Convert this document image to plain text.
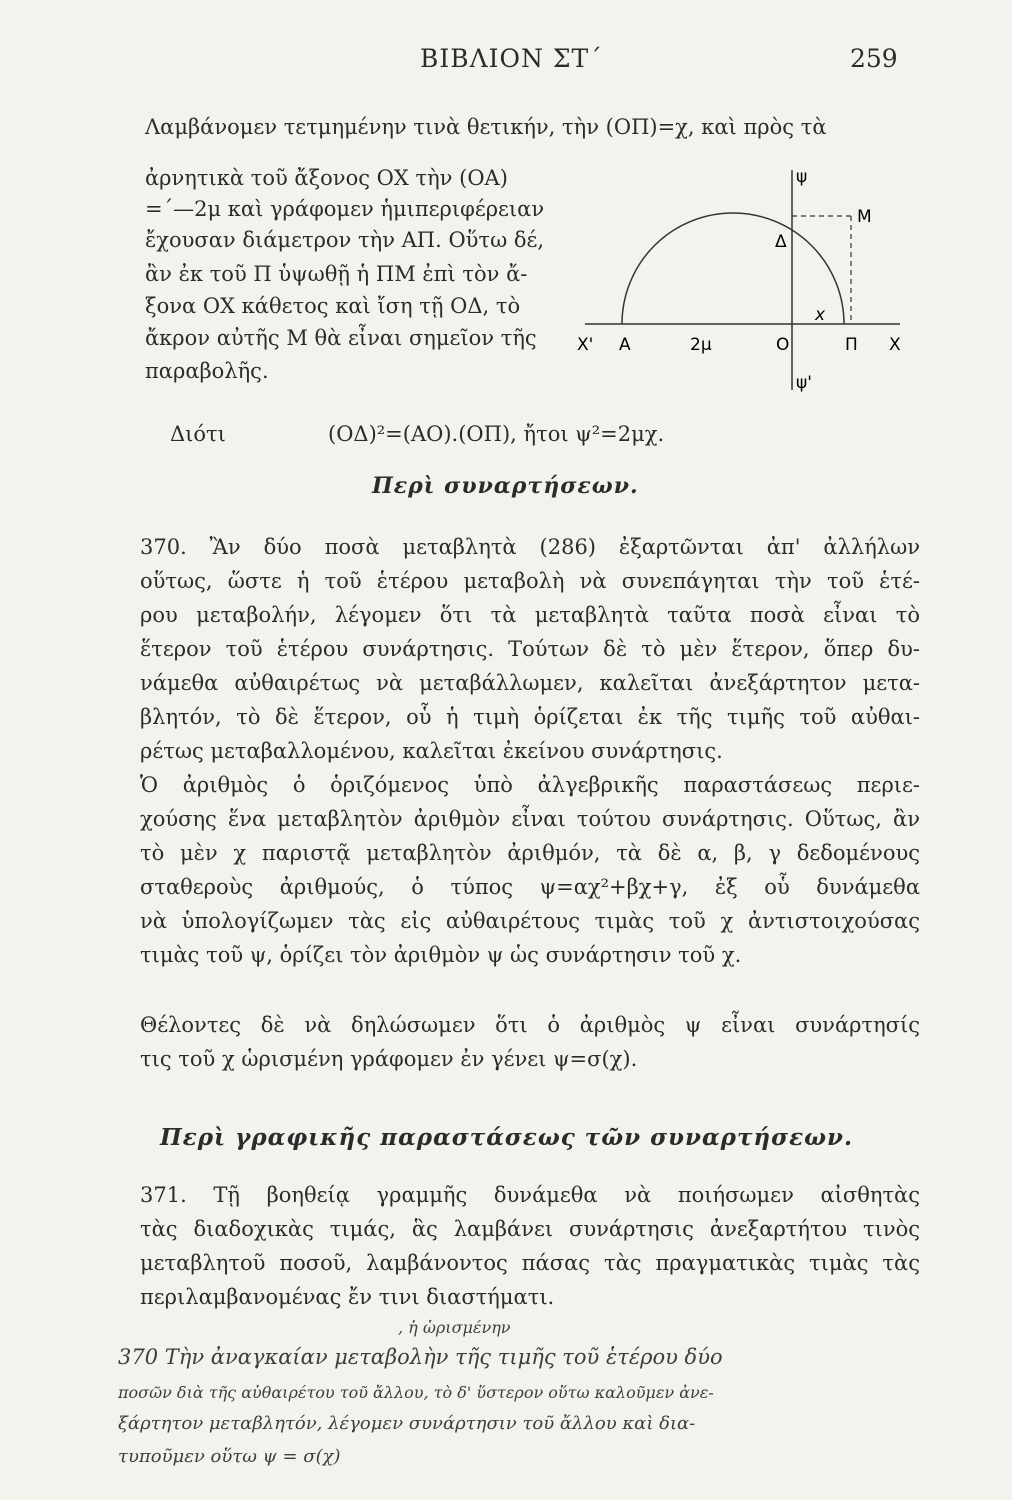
ΒΙΒΛΙΟΝ ΣΤ΄	259
Λαμβάνομεν τετμημένην τινὰ θετικήν, τὴν (ΟΠ)=χ, καὶ πρὸς τὰ
ἀρνητικὰ τοῦ ἄξονος ΟΧ τὴν (ΟΑ)
=΄—2μ καὶ γράφομεν ἡμιπεριφέρειαν
ἔχουσαν διάμετρον τὴν ΑΠ. Οὕτω δέ,
ἂν ἐκ τοῦ Π ὑψωθῇ ἡ ΠΜ ἐπὶ τὸν ἄ-
ξονα ΟΧ κάθετος καὶ ἴση τῇ ΟΔ, τὸ
ἄκρον αὐτῆς Μ θὰ εἶναι σημεῖον τῆς
παραβολῆς.
Διότι	(ΟΔ)²=(ΑΟ).(ΟΠ), ἤτοι ψ²=2μχ.
ψ
ψ'
Χ'	Χ
Α	2μ	Ο	Π
Μ
Δ
x
Περὶ συναρτήσεων.
370. Ἂν δύο ποσὰ μεταβλητὰ (286) ἐξαρτῶνται ἀπ' ἀλλήλων
οὕτως, ὥστε ἡ τοῦ ἑτέρου μεταβολὴ νὰ συνεπάγηται τὴν τοῦ ἑτέ-
ρου μεταβολήν, λέγομεν ὅτι τὰ μεταβλητὰ ταῦτα ποσὰ εἶναι τὸ
ἕτερον τοῦ ἑτέρου συνάρτησις. Τούτων δὲ τὸ μὲν ἕτερον, ὅπερ δυ-
νάμεθα αὐθαιρέτως νὰ μεταβάλλωμεν, καλεῖται ἀνεξάρτητον μετα-
βλητόν, τὸ δὲ ἕτερον, οὗ ἡ τιμὴ ὁρίζεται ἐκ τῆς τιμῆς τοῦ αὐθαι-
ρέτως μεταβαλλομένου, καλεῖται ἐκείνου συνάρτησις.
Ὁ ἀριθμὸς ὁ ὁριζόμενος ὑπὸ ἀλγεβρικῆς παραστάσεως περιε-
χούσης ἕνα μεταβλητὸν ἀριθμὸν εἶναι τούτου συνάρτησις. Οὕτως, ἂν
τὸ μὲν χ παριστᾷ μεταβλητὸν ἀριθμόν, τὰ δὲ α, β, γ δεδομένους
σταθεροὺς ἀριθμούς, ὁ τύπος ψ=αχ²+βχ+γ, ἐξ οὗ δυνάμεθα
νὰ ὑπολογίζωμεν τὰς εἰς αὐθαιρέτους τιμὰς τοῦ χ ἀντιστοιχούσας
τιμὰς τοῦ ψ, ὁρίζει τὸν ἀριθμὸν ψ ὡς συνάρτησιν τοῦ χ.
Θέλοντες δὲ νὰ δηλώσωμεν ὅτι ὁ ἀριθμὸς ψ εἶναι συνάρτησίς
τις τοῦ χ ὡρισμένη γράφομεν ἐν γένει ψ=σ(χ).
Περὶ γραφικῆς παραστάσεως τῶν συναρτήσεων.
371. Τῇ βοηθείᾳ γραμμῆς δυνάμεθα νὰ ποιήσωμεν αἰσθητὰς
τὰς διαδοχικὰς τιμάς, ἃς λαμβάνει συνάρτησις ἀνεξαρτήτου τινὸς
μεταβλητοῦ ποσοῦ, λαμβάνοντος πάσας τὰς πραγματικὰς τιμὰς τὰς
περιλαμβανομένας ἔν τινι διαστήματι.
, ἡ ὡρισμένην
370 Τὴν ἀναγκαίαν μεταβολὴν τῆς τιμῆς τοῦ ἑτέρου δύο
ποσῶν διὰ τῆς αὐθαιρέτου τοῦ ἄλλου, τὸ δ' ὕστερον οὕτω καλοῦμεν ἀνε-
ξάρτητον μεταβλητόν, λέγομεν συνάρτησιν τοῦ ἄλλου καὶ δια-
τυποῦμεν οὕτω ψ = σ(χ)
